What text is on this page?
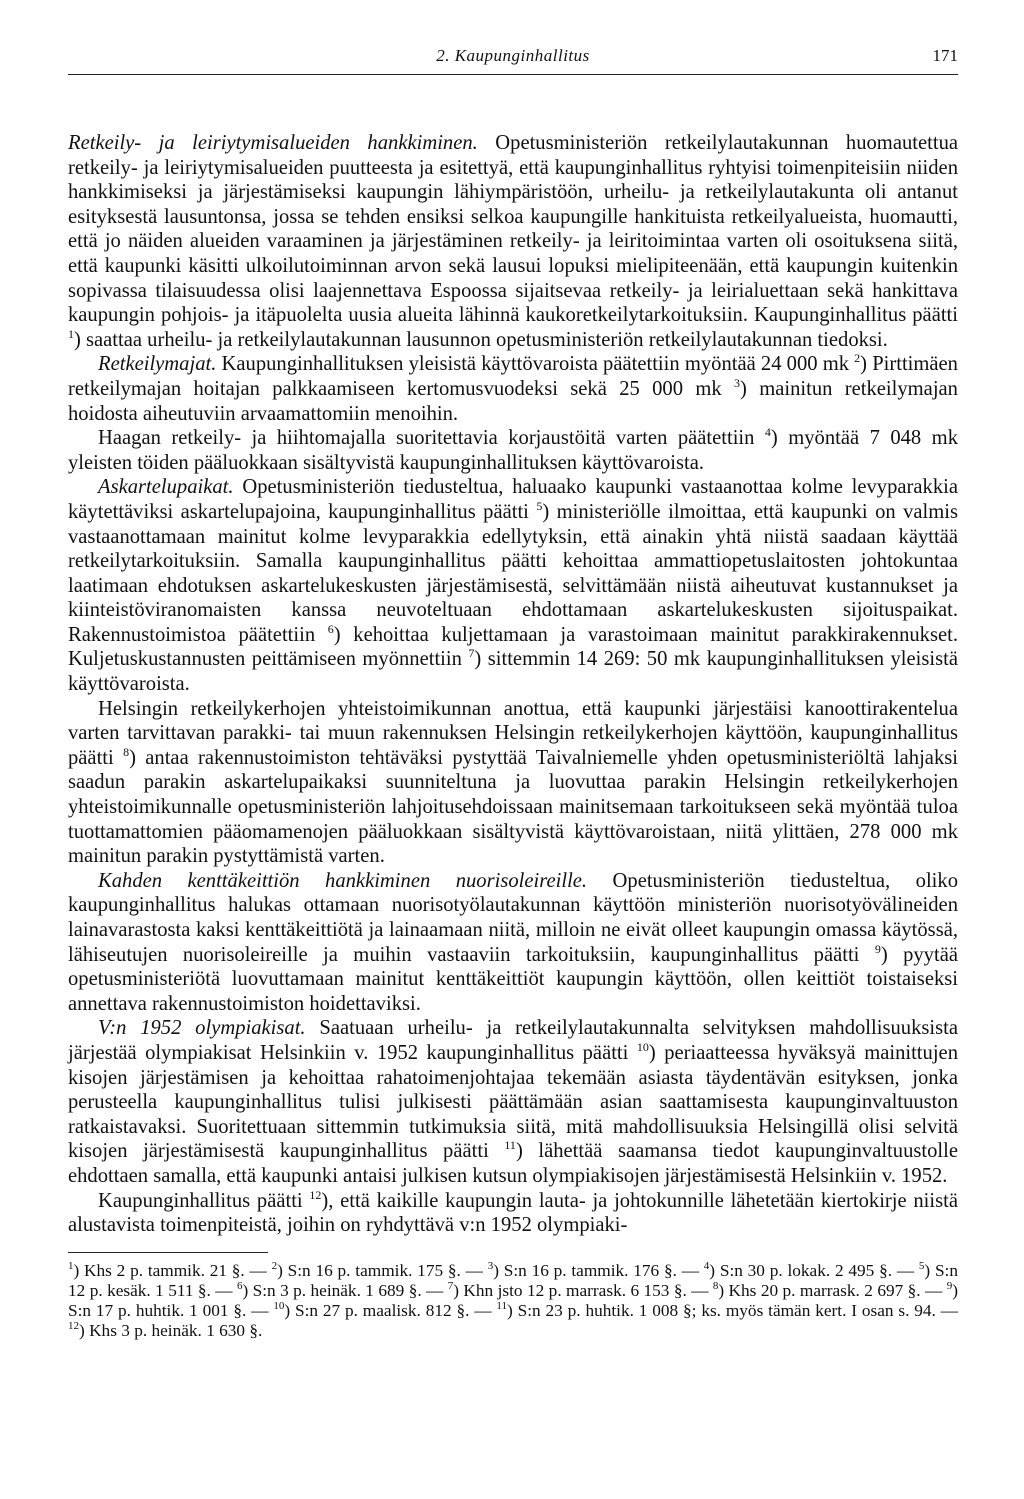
2. Kaupunginhallitus	171

Retkeily- ja leiriytymisalueiden hankkiminen. Opetusministeriön retkeilylautakunnan huomautettua retkeily- ja leiriytymisalueiden puutteesta ja esitettyä, että kaupunginhallitus ryhtyisi toimenpiteisiin niiden hankkimiseksi ja järjestämiseksi kaupungin lähiympäristöön, urheilu- ja retkeilylautakunta oli antanut esityksestä lausuntonsa, jossa se tehden ensiksi selkoa kaupungille hankituista retkeilyalueista, huomautti, että jo näiden alueiden varaaminen ja järjestäminen retkeily- ja leiritoimintaa varten oli osoituksena siitä, että kaupunki käsitti ulkoilutoiminnan arvon sekä lausui lopuksi mielipiteenään, että kaupungin kuitenkin sopivassa tilaisuudessa olisi laajennettava Espoossa sijaitsevaa retkeily- ja leirialuettaan sekä hankittava kaupungin pohjois- ja itäpuolelta uusia alueita lähinnä kaukoretkeilytarkoituksiin. Kaupunginhallitus päätti $^1$) saattaa urheilu- ja retkeilylautakunnan lausunnon opetusministeriön retkeilylautakunnan tiedoksi.

Retkeilymajat. Kaupunginhallituksen yleisistä käyttövaroista päätettiin myöntää 24 000 mk $^2$) Pirttimäen retkeilymajan hoitajan palkkaamiseen kertomusvuodeksi sekä 25 000 mk $^3$) mainitun retkeilymajan hoidosta aiheutuviin arvaamattomiin menoihin.

Haagan retkeily- ja hiihtomajalla suoritettavia korjaustöitä varten päätettiin $^4$) myöntää 7 048 mk yleisten töiden pääluokkaan sisältyvistä kaupunginhallituksen käyttövaroista.

Askartelupaikat. Opetusministeriön tiedusteltua, haluaako kaupunki vastaanottaa kolme levyparakkia käytettäviksi askartelupajoina, kaupunginhallitus päätti $^5$) ministeriölle ilmoittaa, että kaupunki on valmis vastaanottamaan mainitut kolme levyparakkia edellytyksin, että ainakin yhtä niistä saadaan käyttää retkeilytarkoituksiin. Samalla kaupunginhallitus päätti kehoittaa ammattiopetuslaitosten johtokuntaa laatimaan ehdotuksen askartelukeskusten järjestämisestä, selvittämään niistä aiheutuvat kustannukset ja kiinteistöviranomaisten kanssa neuvoteltuaan ehdottamaan askartelukeskusten sijoituspaikat. Rakennustoimistoa päätettiin $^6$) kehoittaa kuljettamaan ja varastoimaan mainitut parakkirakennukset. Kuljetuskustannusten peittämiseen myönnettiin $^7$) sittemmin 14 269: 50 mk kaupunginhallituksen yleisistä käyttövaroista.

Helsingin retkeilykerhojen yhteistoimikunnan anottua, että kaupunki järjestäisi kanoottirakentelua varten tarvittavan parakki- tai muun rakennuksen Helsingin retkeilykerhojen käyttöön, kaupunginhallitus päätti $^8$) antaa rakennustoimiston tehtäväksi pystyttää Taivalniemelle yhden opetusministeriöltä lahjaksi saadun parakin askartelupaikaksi suunniteltuna ja luovuttaa parakin Helsingin retkeilykerhojen yhteistoimikunnalle opetusministeriön lahjoitusehdoissaan mainitsemaan tarkoitukseen sekä myöntää tuloa tuottamattomien pääomamenojen pääluokkaan sisältyvistä käyttövaroistaan, niitä ylittäen, 278 000 mk mainitun parakin pystyttämistä varten.

Kahden kenttäkeittiön hankkiminen nuorisoleireille. Opetusministeriön tiedusteltua, oliko kaupunginhallitus halukas ottamaan nuorisotyölautakunnan käyttöön ministeriön nuorisotyövälineiden lainavarastosta kaksi kenttäkeittiötä ja lainaamaan niitä, milloin ne eivät olleet kaupungin omassa käytössä, lähiseutujen nuorisoleireille ja muihin vastaaviin tarkoituksiin, kaupunginhallitus päätti $^9$) pyytää opetusministeriötä luovuttamaan mainitut kenttäkeittiöt kaupungin käyttöön, ollen keittiöt toistaiseksi annettava rakennustoimiston hoidettaviksi.

V:n 1952 olympiakisat. Saatuaan urheilu- ja retkeilylautakunnalta selvityksen mahdollisuuksista järjestää olympiakisat Helsinkiin v. 1952 kaupunginhallitus päätti $^{10}$) periaatteessa hyväksyä mainittujen kisojen järjestämisen ja kehoittaa rahatoimenjohtajaa tekemään asiasta täydentävän esityksen, jonka perusteella kaupunginhallitus tulisi julkisesti päättämään asian saattamisesta kaupunginvaltuuston ratkaistavaksi. Suoritettuaan sittemmin tutkimuksia siitä, mitä mahdollisuuksia Helsingillä olisi selvitä kisojen järjestämisestä kaupunginhallitus päätti $^{11}$) lähettää saamansa tiedot kaupunginvaltuustolle ehdottaen samalla, että kaupunki antaisi julkisen kutsun olympiakisojen järjestämisestä Helsinkiin v. 1952.

Kaupunginhallitus päätti $^{12}$), että kaikille kaupungin lauta- ja johtokunnille lähetetään kiertokirje niistä alustavista toimenpiteistä, joihin on ryhdyttävä v:n 1952 olympiaki-

$^1$) Khs 2 p. tammik. 21 §. — $^2$) S:n 16 p. tammik. 175 §. — $^3$) S:n 16 p. tammik. 176 §. — $^4$) S:n 30 p. lokak. 2 495 §. — $^5$) S:n 12 p. kesäk. 1 511 §. — $^6$) S:n 3 p. heinäk. 1 689 §. — $^7$) Khn jsto 12 p. marrask. 6 153 §. — $^8$) Khs 20 p. marrask. 2 697 §. — $^9$) S:n 17 p. huhtik. 1 001 §. — $^{10}$) S:n 27 p. maalisk. 812 §. — $^{11}$) S:n 23 p. huhtik. 1 008 §; ks. myös tämän kert. I osan s. 94. — $^{12}$) Khs 3 p. heinäk. 1 630 §.
